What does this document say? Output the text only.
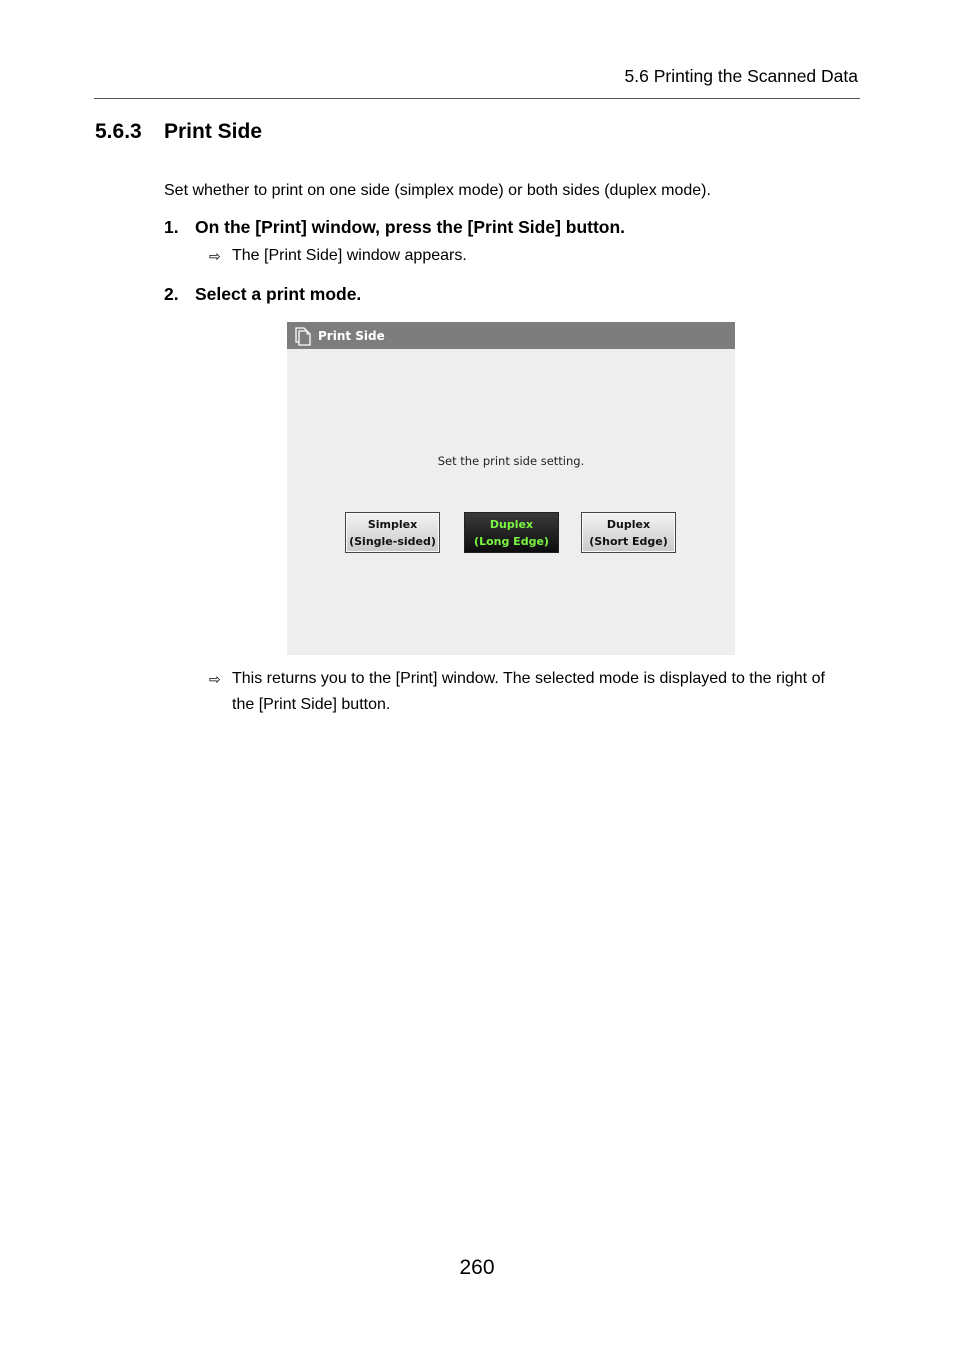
5.6 Printing the Scanned Data
5.6.3 Print Side
Set whether to print on one side (simplex mode) or both sides (duplex mode).
1. On the [Print] window, press the [Print Side] button.
⇨ The [Print Side] window appears.
2. Select a print mode.
Print Side
Set the print side setting.
Simplex
(Single-sided)
Duplex
(Long Edge)
Duplex
(Short Edge)
⇨ This returns you to the [Print] window. The selected mode is displayed to the right of the [Print Side] button.
260
